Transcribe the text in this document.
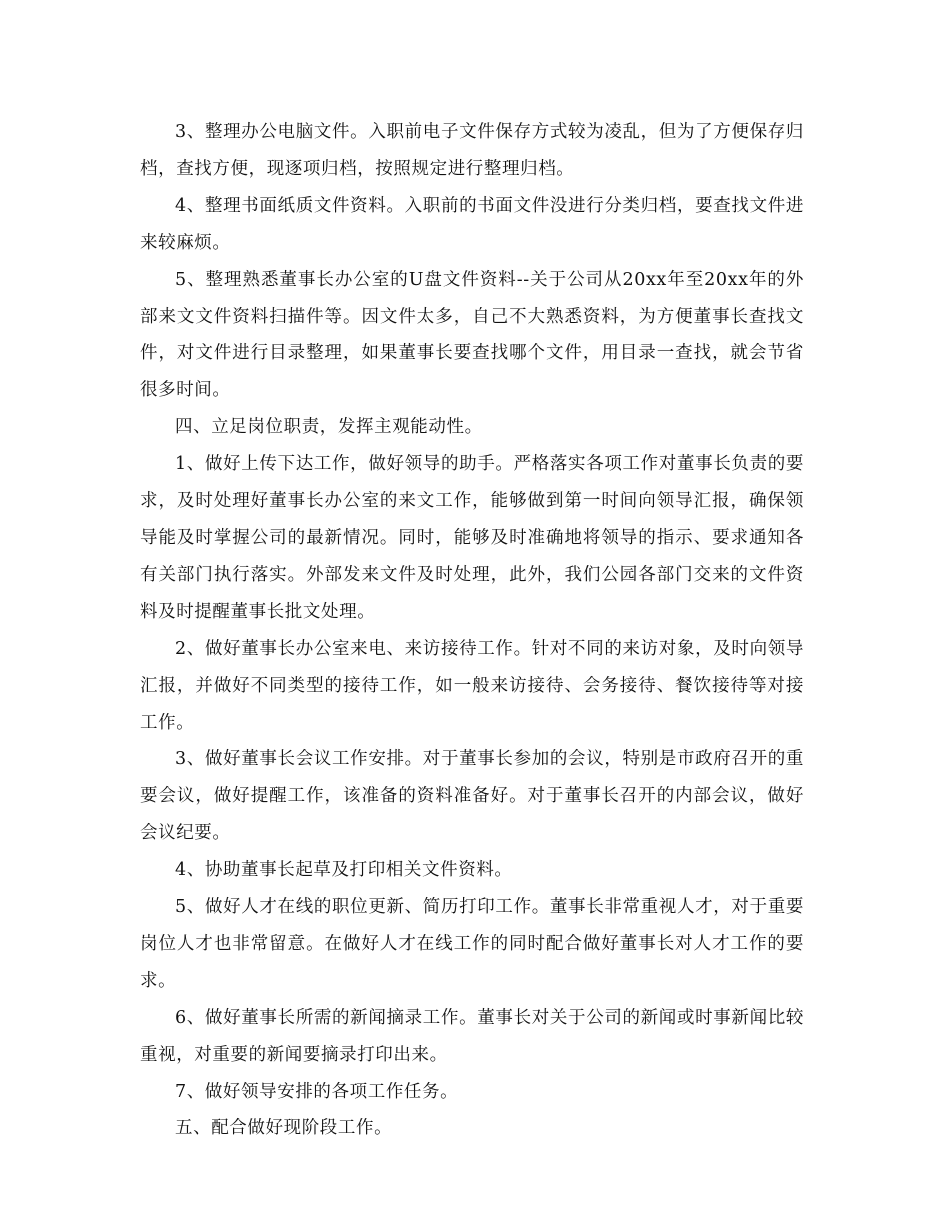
3、整理办公电脑文件。入职前电子文件保存方式较为凌乱，但为了方便保存归档，查找方便，现逐项归档，按照规定进行整理归档。

4、整理书面纸质文件资料。入职前的书面文件没进行分类归档，要查找文件进来较麻烦。

5、整理熟悉董事长办公室的U盘文件资料--关于公司从20xx年至20xx年的外部来文文件资料扫描件等。因文件太多，自己不大熟悉资料，为方便董事长查找文件，对文件进行目录整理，如果董事长要查找哪个文件，用目录一查找，就会节省很多时间。

四、立足岗位职责，发挥主观能动性。

1、做好上传下达工作，做好领导的助手。严格落实各项工作对董事长负责的要求，及时处理好董事长办公室的来文工作，能够做到第一时间向领导汇报，确保领导能及时掌握公司的最新情况。同时，能够及时准确地将领导的指示、要求通知各有关部门执行落实。外部发来文件及时处理，此外，我们公园各部门交来的文件资料及时提醒董事长批文处理。

2、做好董事长办公室来电、来访接待工作。针对不同的来访对象，及时向领导汇报，并做好不同类型的接待工作，如一般来访接待、会务接待、餐饮接待等对接工作。

3、做好董事长会议工作安排。对于董事长参加的会议，特别是市政府召开的重要会议，做好提醒工作，该准备的资料准备好。对于董事长召开的内部会议，做好会议纪要。

4、协助董事长起草及打印相关文件资料。

5、做好人才在线的职位更新、简历打印工作。董事长非常重视人才，对于重要岗位人才也非常留意。在做好人才在线工作的同时配合做好董事长对人才工作的要求。

6、做好董事长所需的新闻摘录工作。董事长对关于公司的新闻或时事新闻比较重视，对重要的新闻要摘录打印出来。

7、做好领导安排的各项工作任务。

五、配合做好现阶段工作。
